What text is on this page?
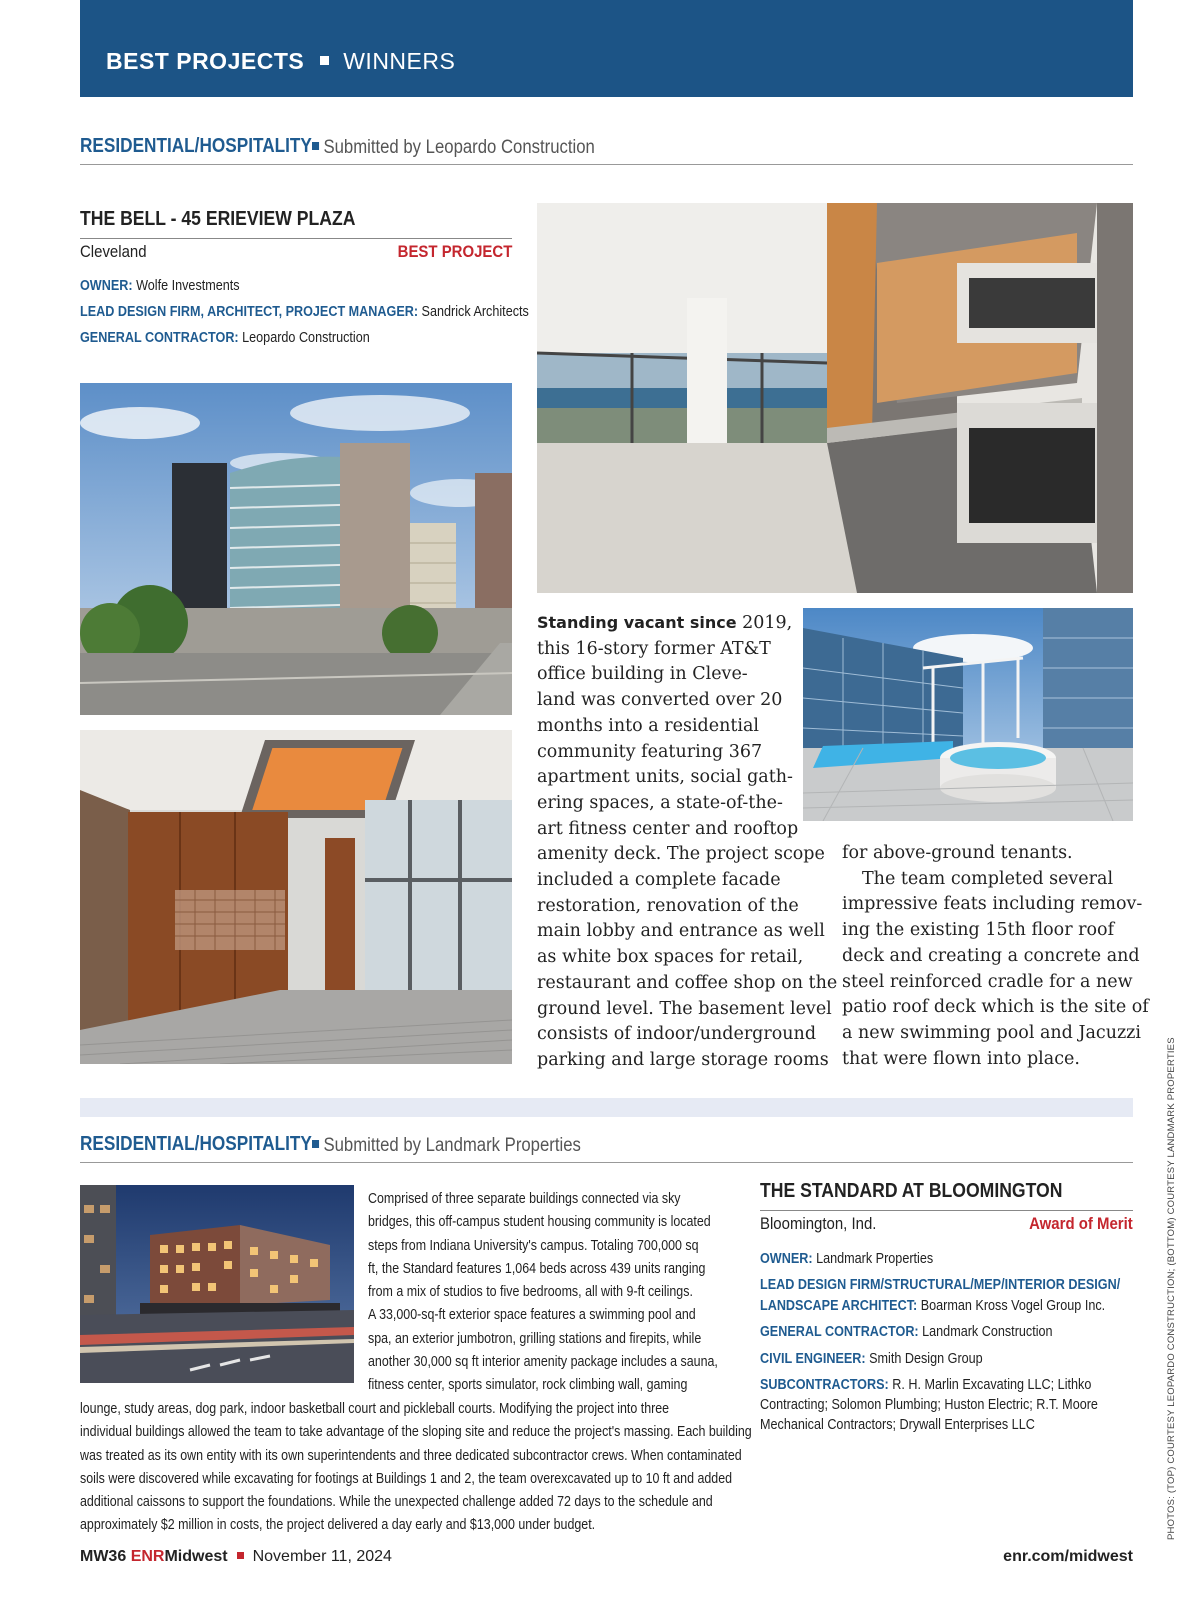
BEST PROJECTS WINNERS
RESIDENTIAL/HOSPITALITY Submitted by Leopardo Construction
THE BELL - 45 ERIEVIEW PLAZA
Cleveland	BEST PROJECT
OWNER: Wolfe Investments
LEAD DESIGN FIRM, ARCHITECT, PROJECT MANAGER: Sandrick Architects
GENERAL CONTRACTOR: Leopardo Construction
Standing vacant since 2019,
this 16-story former AT&T
office building in Cleve-
land was converted over 20
months into a residential
community featuring 367
apartment units, social gath-
ering spaces, a state-of-the-
art fitness center and rooftop
amenity deck. The project scope
included a complete facade
restoration, renovation of the
main lobby and entrance as well
as white box spaces for retail,
restaurant and coffee shop on the
ground level. The basement level
consists of indoor/underground
parking and large storage rooms
for above-ground tenants.
The team completed several
impressive feats including remov-
ing the existing 15th floor roof
deck and creating a concrete and
steel reinforced cradle for a new
patio roof deck which is the site of
a new swimming pool and Jacuzzi
that were flown into place.
RESIDENTIAL/HOSPITALITY Submitted by Landmark Properties
Comprised of three separate buildings connected via sky
bridges, this off-campus student housing community is located
steps from Indiana University's campus. Totaling 700,000 sq
ft, the Standard features 1,064 beds across 439 units ranging
from a mix of studios to five bedrooms, all with 9-ft ceilings.
A 33,000-sq-ft exterior space features a swimming pool and
spa, an exterior jumbotron, grilling stations and firepits, while
another 30,000 sq ft interior amenity package includes a sauna,
fitness center, sports simulator, rock climbing wall, gaming
lounge, study areas, dog park, indoor basketball court and pickleball courts. Modifying the project into three
individual buildings allowed the team to take advantage of the sloping site and reduce the project's massing. Each building
was treated as its own entity with its own superintendents and three dedicated subcontractor crews. When contaminated
soils were discovered while excavating for footings at Buildings 1 and 2, the team overexcavated up to 10 ft and added
additional caissons to support the foundations. While the unexpected challenge added 72 days to the schedule and
approximately $2 million in costs, the project delivered a day early and $13,000 under budget.
THE STANDARD AT BLOOMINGTON
Bloomington, Ind.	Award of Merit
OWNER: Landmark Properties
LEAD DESIGN FIRM/STRUCTURAL/MEP/INTERIOR DESIGN/
LANDSCAPE ARCHITECT: Boarman Kross Vogel Group Inc.
GENERAL CONTRACTOR: Landmark Construction
CIVIL ENGINEER: Smith Design Group
SUBCONTRACTORS: R. H. Marlin Excavating LLC; Lithko
Contracting; Solomon Plumbing; Huston Electric; R.T. Moore
Mechanical Contractors; Drywall Enterprises LLC
MW36 ENRMidwest November 11, 2024	enr.com/midwest
PHOTOS: (TOP) COURTESY LEOPARDO CONSTRUCTION; (BOTTOM) COURTESY LANDMARK PROPERTIES
